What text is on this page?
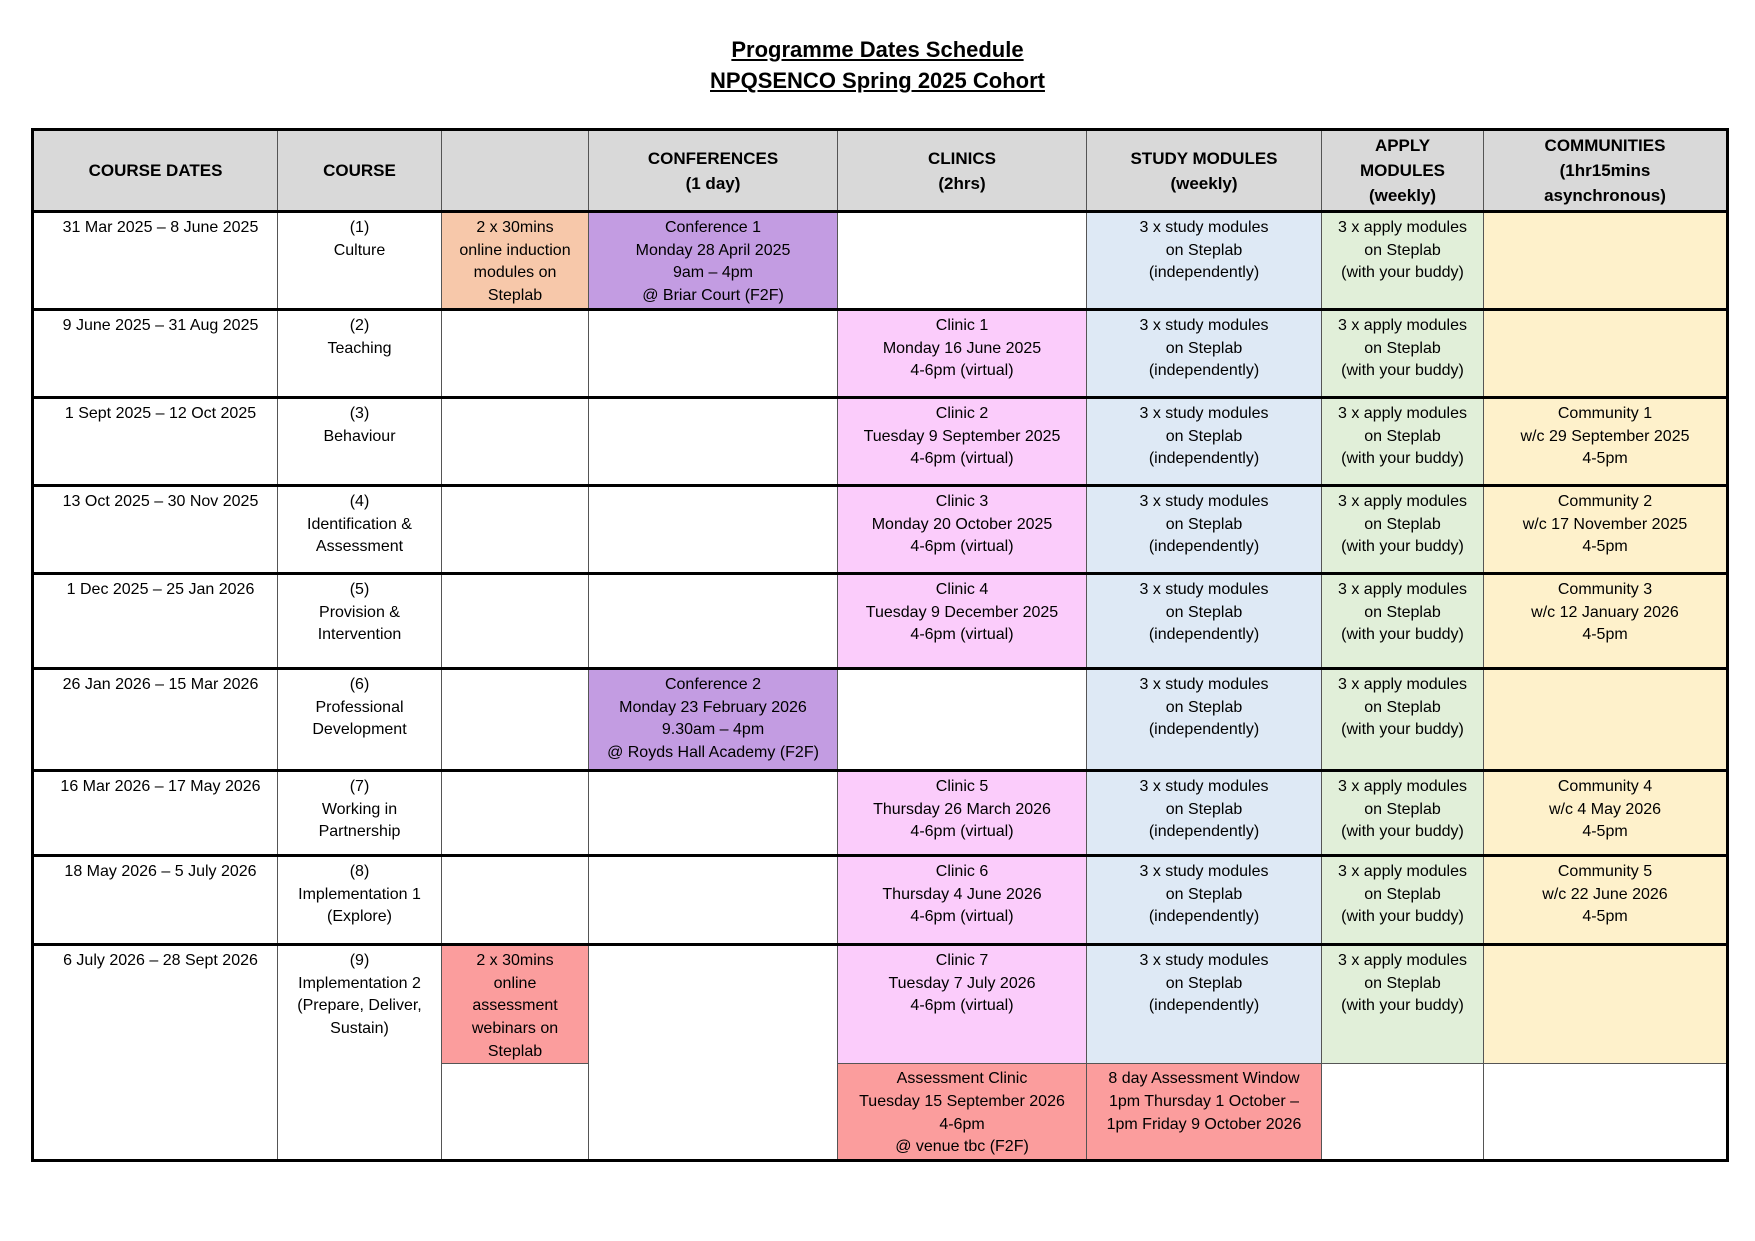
Programme Dates Schedule
NPQSENCO Spring 2025 Cohort
COURSE DATES	COURSE		CONFERENCES
(1 day)	CLINICS
(2hrs)	STUDY MODULES
(weekly)	APPLY
MODULES
(weekly)	COMMUNITIES
(1hr15mins
asynchronous)

31 Mar 2025 – 8 June 2025	(1)
Culture	2 x 30mins
online induction
modules on
Steplab	Conference 1
Monday 28 April 2025
9am – 4pm
@ Briar Court (F2F)		3 x study modules
on Steplab
(independently)	3 x apply modules
on Steplab
(with your buddy)	

9 June 2025 – 31 Aug 2025	(2)
Teaching			Clinic 1
Monday 16 June 2025
4-6pm (virtual)	3 x study modules
on Steplab
(independently)	3 x apply modules
on Steplab
(with your buddy)	

1 Sept 2025 – 12 Oct 2025	(3)
Behaviour			Clinic 2
Tuesday 9 September 2025
4-6pm (virtual)	3 x study modules
on Steplab
(independently)	3 x apply modules
on Steplab
(with your buddy)	Community 1
w/c 29 September 2025
4-5pm

13 Oct 2025 – 30 Nov 2025	(4)
Identification &
Assessment			Clinic 3
Monday 20 October 2025
4-6pm (virtual)	3 x study modules
on Steplab
(independently)	3 x apply modules
on Steplab
(with your buddy)	Community 2
w/c 17 November 2025
4-5pm

1 Dec 2025 – 25 Jan 2026	(5)
Provision &
Intervention			Clinic 4
Tuesday 9 December 2025
4-6pm (virtual)	3 x study modules
on Steplab
(independently)	3 x apply modules
on Steplab
(with your buddy)	Community 3
w/c 12 January 2026
4-5pm

26 Jan 2026 – 15 Mar 2026	(6)
Professional
Development		Conference 2
Monday 23 February 2026
9.30am – 4pm
@ Royds Hall Academy (F2F)		3 x study modules
on Steplab
(independently)	3 x apply modules
on Steplab
(with your buddy)	

16 Mar 2026 – 17 May 2026	(7)
Working in
Partnership			Clinic 5
Thursday 26 March 2026
4-6pm (virtual)	3 x study modules
on Steplab
(independently)	3 x apply modules
on Steplab
(with your buddy)	Community 4
w/c 4 May 2026
4-5pm

18 May 2026 – 5 July 2026	(8)
Implementation 1
(Explore)			Clinic 6
Thursday 4 June 2026
4-6pm (virtual)	3 x study modules
on Steplab
(independently)	3 x apply modules
on Steplab
(with your buddy)	Community 5
w/c 22 June 2026
4-5pm

6 July 2026 – 28 Sept 2026	(9)
Implementation 2
(Prepare, Deliver,
Sustain)	2 x 30mins
online
assessment
webinars on
Steplab		Clinic 7
Tuesday 7 July 2026
4-6pm (virtual)	3 x study modules
on Steplab
(independently)	3 x apply modules
on Steplab
(with your buddy)	

				Assessment Clinic
Tuesday 15 September 2026
4-6pm
@ venue tbc (F2F)	8 day Assessment Window
1pm Thursday 1 October –
1pm Friday 9 October 2026		
